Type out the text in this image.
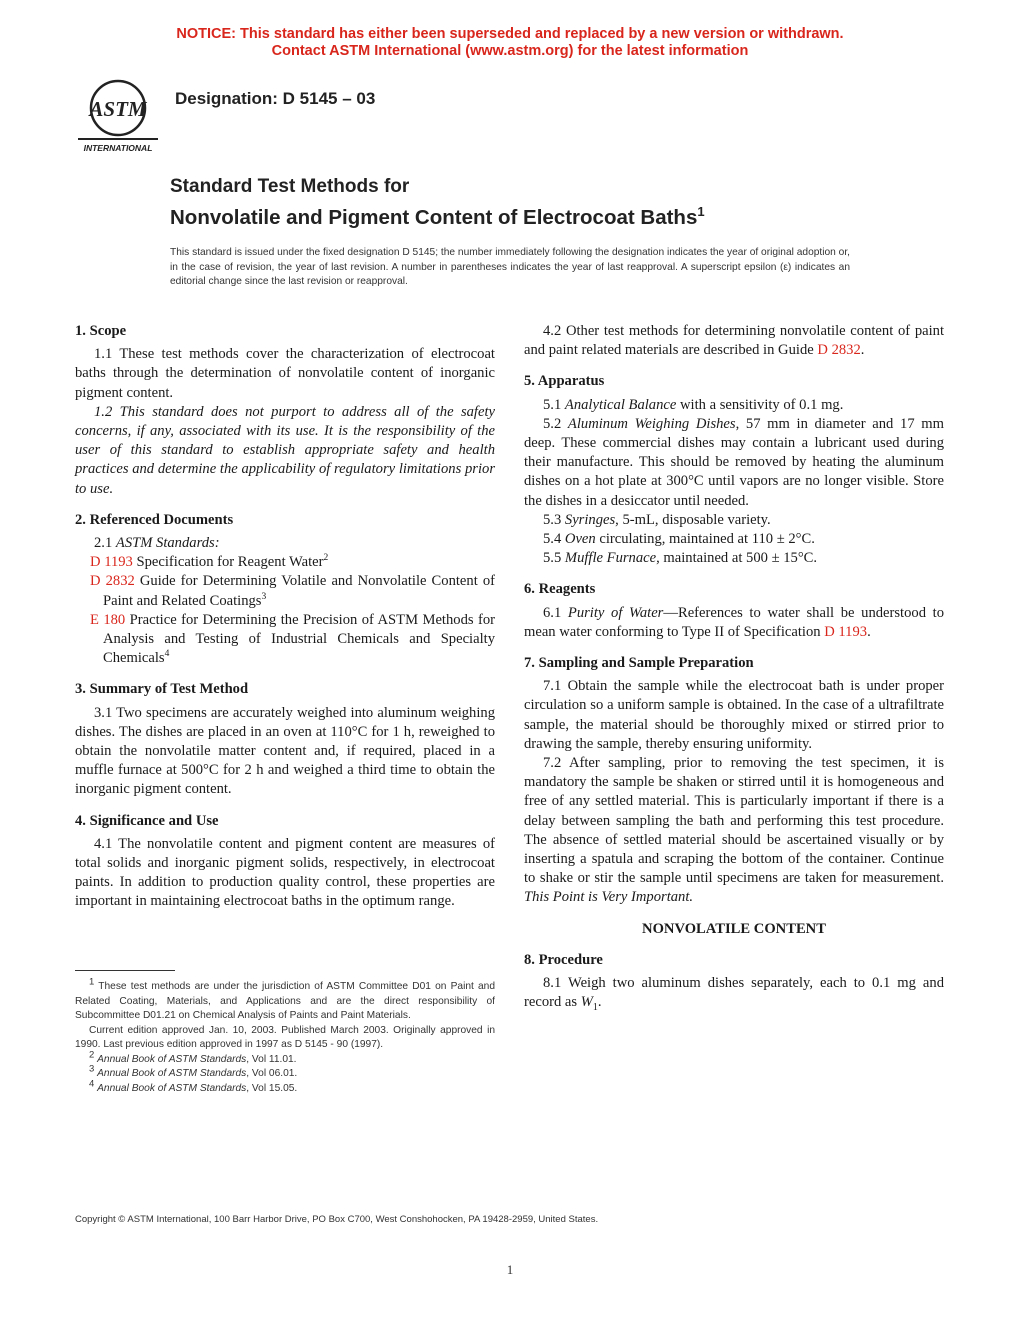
NOTICE: This standard has either been superseded and replaced by a new version or withdrawn.
Contact ASTM International (www.astm.org) for the latest information
ASTM
INTERNATIONAL
Designation: D 5145 – 03
Standard Test Methods for
Nonvolatile and Pigment Content of Electrocoat Baths$^1$
This standard is issued under the fixed designation D 5145; the number immediately following the designation indicates the year of original adoption or, in the case of revision, the year of last revision. A number in parentheses indicates the year of last reapproval. A superscript epsilon (ε) indicates an editorial change since the last revision or reapproval.
1. Scope

1.1 These test methods cover the characterization of electrocoat baths through the determination of nonvolatile content of inorganic pigment content.

1.2 This standard does not purport to address all of the safety concerns, if any, associated with its use. It is the responsibility of the user of this standard to establish appropriate safety and health practices and determine the applicability of regulatory limitations prior to use.

2. Referenced Documents

2.1 ASTM Standards:

D 1193 Specification for Reagent Water$^2$

D 2832 Guide for Determining Volatile and Nonvolatile Content of Paint and Related Coatings$^3$

E 180 Practice for Determining the Precision of ASTM Methods for Analysis and Testing of Industrial Chemicals and Specialty Chemicals$^4$

3. Summary of Test Method

3.1 Two specimens are accurately weighed into aluminum weighing dishes. The dishes are placed in an oven at 110°C for 1 h, reweighed to obtain the nonvolatile matter content and, if required, placed in a muffle furnace at 500°C for 2 h and weighed a third time to obtain the inorganic pigment content.

4. Significance and Use

4.1 The nonvolatile content and pigment content are measures of total solids and inorganic pigment solids, respectively, in electrocoat paints. In addition to production quality control, these properties are important in maintaining electrocoat baths in the optimum range.

$^1$ These test methods are under the jurisdiction of ASTM Committee D01 on Paint and Related Coating, Materials, and Applications and are the direct responsibility of Subcommittee D01.21 on Chemical Analysis of Paints and Paint Materials.

Current edition approved Jan. 10, 2003. Published March 2003. Originally approved in 1990. Last previous edition approved in 1997 as D 5145 - 90 (1997).

$^2$ Annual Book of ASTM Standards, Vol 11.01.

$^3$ Annual Book of ASTM Standards, Vol 06.01.

$^4$ Annual Book of ASTM Standards, Vol 15.05.

4.2 Other test methods for determining nonvolatile content of paint and paint related materials are described in Guide D 2832.

5. Apparatus

5.1 Analytical Balance with a sensitivity of 0.1 mg.

5.2 Aluminum Weighing Dishes, 57 mm in diameter and 17 mm deep. These commercial dishes may contain a lubricant used during their manufacture. This should be removed by heating the aluminum dishes on a hot plate at 300°C until vapors are no longer visible. Store the dishes in a desiccator until needed.

5.3 Syringes, 5-mL, disposable variety.

5.4 Oven circulating, maintained at 110 ± 2°C.

5.5 Muffle Furnace, maintained at 500 ± 15°C.

6. Reagents

6.1 Purity of Water—References to water shall be understood to mean water conforming to Type II of Specification D 1193.

7. Sampling and Sample Preparation

7.1 Obtain the sample while the electrocoat bath is under proper circulation so a uniform sample is obtained. In the case of a ultrafiltrate sample, the material should be thoroughly mixed or stirred prior to drawing the sample, thereby ensuring uniformity.

7.2 After sampling, prior to removing the test specimen, it is mandatory the sample be shaken or stirred until it is homogeneous and free of any settled material. This is particularly important if there is a delay between sampling the bath and performing this test procedure. The absence of settled material should be ascertained visually or by inserting a spatula and scraping the bottom of the container. Continue to shake or stir the sample until specimens are taken for measurement. This Point is Very Important.

NONVOLATILE CONTENT
8. Procedure

8.1 Weigh two aluminum dishes separately, each to 0.1 mg and record as $W_1$.

Copyright © ASTM International, 100 Barr Harbor Drive, PO Box C700, West Conshohocken, PA 19428-2959, United States.
1
